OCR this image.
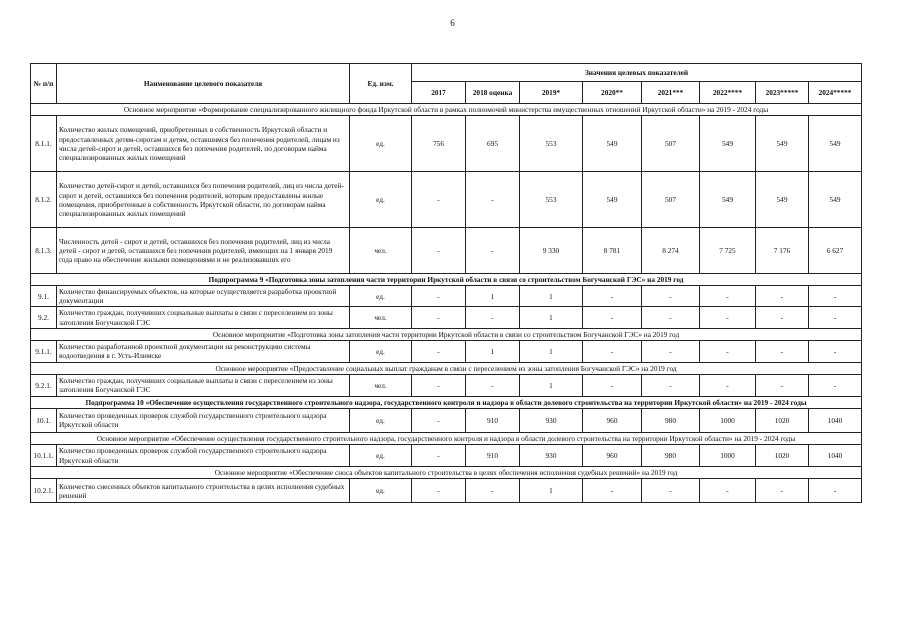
6
№ п/п	Наименование целевого показателя	Ед. изм.	Значения целевых показателей							
			2017	2018 оценка	2019*	2020**	2021***	2022****	2023*****	2024*****
Основное мероприятие «Формирование специализированного жилищного фонда Иркутской области в рамках полномочий министерства имущественных отношений Иркутской области» на 2019 - 2024 годы										
8.1.1.	Количество жилых помещений, приобретенных в собственность Иркутской области и предоставленных детям-сиротам и детям, оставшимся без попечения родителей, лицам из числа детей-сирот и детей, оставшихся без попечения родителей, по договорам найма специализированных жилых помещений	ед.	756	695	553	549	507	549	549	549
8.1.2.	Количество детей-сирот и детей, оставшихся без попечения родителей, лиц из числа детей-сирот и детей, оставшихся без попечения родителей, которым предоставлены жилые помещения, приобретенные в собственность Иркутской области, по договорам найма специализированных жилых помещений	ед.	-	-	553	549	507	549	549	549
8.1.3.	Численность детей - сирот и детей, оставшихся без попечения родителей, лиц из числа детей - сирот и детей, оставшихся без попечения родителей, имеющих на 1 января 2019 года право на обеспечение жилыми помещениями и не реализовавших его	чел.	-	-	9 330	8 781	8 274	7 725	7 176	6 627
Подпрограмма 9 «Подготовка зоны затопления части территории Иркутской области в связи со строительством Богучанской ГЭС» на 2019 год										
9.1.	Количество финансируемых объектов, на которые осуществляется разработка проектной документации	ед.	-	1	1	-	-	-	-	-
9.2.	Количество граждан, получивших социальные выплаты в связи с переселением из зоны затопления Богучанской ГЭС	чел.	-	-	1	-	-	-	-	-
Основное мероприятие «Подготовка зоны затопления части территории Иркутской области в связи со строительством Богучанской ГЭС» на 2019 год										
9.1.1.	Количество разработанной проектной документации на реконструкцию системы водоотведения в г. Усть-Илимске	ед.	-	1	1	-	-	-	-	-
Основное мероприятие «Предоставление социальных выплат гражданам в связи с переселением из зоны затопления Богучанской ГЭС» на 2019 год										
9.2.1.	Количество граждан, получивших социальные выплаты в связи с переселением из зоны затопления Богучанской ГЭС	чел.	-	-	1	-	-	-	-	-
Подпрограмма 10 «Обеспечение осуществления государственного строительного надзора, государственного контроля и надзора в области долевого строительства на территории Иркутской области» на 2019 - 2024 годы										
10.1.	Количество проведенных проверок службой государственного строительного надзора Иркутской области	ед.	-	910	930	960	980	1000	1020	1040
Основное мероприятие «Обеспечение осуществления государственного строительного надзора, государственного контроля и надзора в области долевого строительства на территории Иркутской области» на 2019 - 2024 годы										
10.1.1.	Количество проведенных проверок службой государственного строительного надзора Иркутской области	ед.	-	910	930	960	980	1000	1020	1040
Основное мероприятие «Обеспечение сноса объектов капитального строительства в целях обеспечения исполнения судебных решений» на 2019 год										
10.2.1.	Количество снесенных объектов капитального строительства в целях исполнения судебных решений	ед.	-	-	1	-	-	-	-	-
